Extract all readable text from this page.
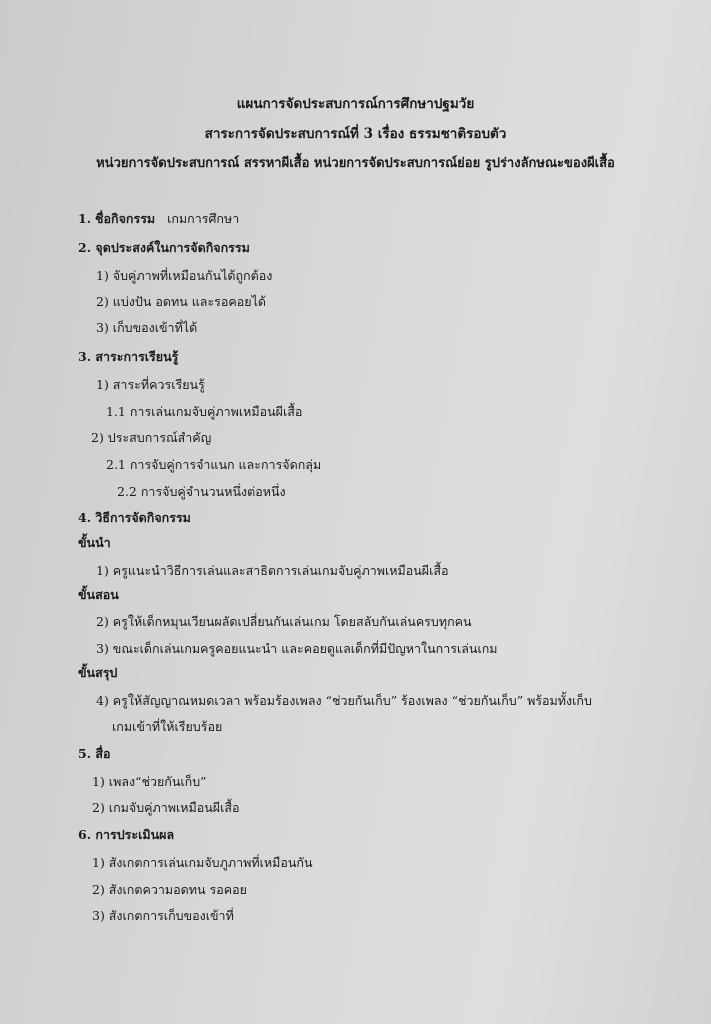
แผนการจัดประสบการณ์การศึกษาปฐมวัย
สาระการจัดประสบการณ์ที่ 3 เรื่อง ธรรมชาติรอบตัว
หน่วยการจัดประสบการณ์ สรรหาผีเสื้อ หน่วยการจัดประสบการณ์ย่อย รูปร่างลักษณะของผีเสื้อ
1. ชื่อกิจกรรม เกมการศึกษา
2. จุดประสงค์ในการจัดกิจกรรม
1) จับคู่ภาพที่เหมือนกันได้ถูกต้อง
2) แบ่งปัน อดทน และรอคอยได้
3) เก็บของเข้าที่ได้
3. สาระการเรียนรู้
1) สาระที่ควรเรียนรู้
1.1 การเล่นเกมจับคู่ภาพเหมือนผีเสื้อ
2) ประสบการณ์สำคัญ
2.1 การจับคู่การจำแนก และการจัดกลุ่ม
2.2 การจับคู่จำนวนหนึ่งต่อหนึ่ง
4. วิธีการจัดกิจกรรม
ขั้นนำ
1) ครูแนะนำวิธีการเล่นและสาธิตการเล่นเกมจับคู่ภาพเหมือนผีเสื้อ
ขั้นสอน
2) ครูให้เด็กหมุนเวียนผลัดเปลี่ยนกันเล่นเกม โดยสลับกันเล่นครบทุกคน
3) ขณะเด็กเล่นเกมครูคอยแนะนำ และคอยดูแลเด็กที่มีปัญหาในการเล่นเกม
ขั้นสรุป
4) ครูให้สัญญาณหมดเวลา พร้อมร้องเพลง “ช่วยกันเก็บ” ร้องเพลง “ช่วยกันเก็บ” พร้อมทั้งเก็บ
เกมเข้าที่ให้เรียบร้อย
5. สื่อ
1) เพลง“ช่วยกันเก็บ”
2) เกมจับคู่ภาพเหมือนผีเสื้อ
6. การประเมินผล
1) สังเกตการเล่นเกมจับภูภาพที่เหมือนกัน
2) สังเกตความอดทน รอคอย
3) สังเกตการเก็บของเข้าที่
